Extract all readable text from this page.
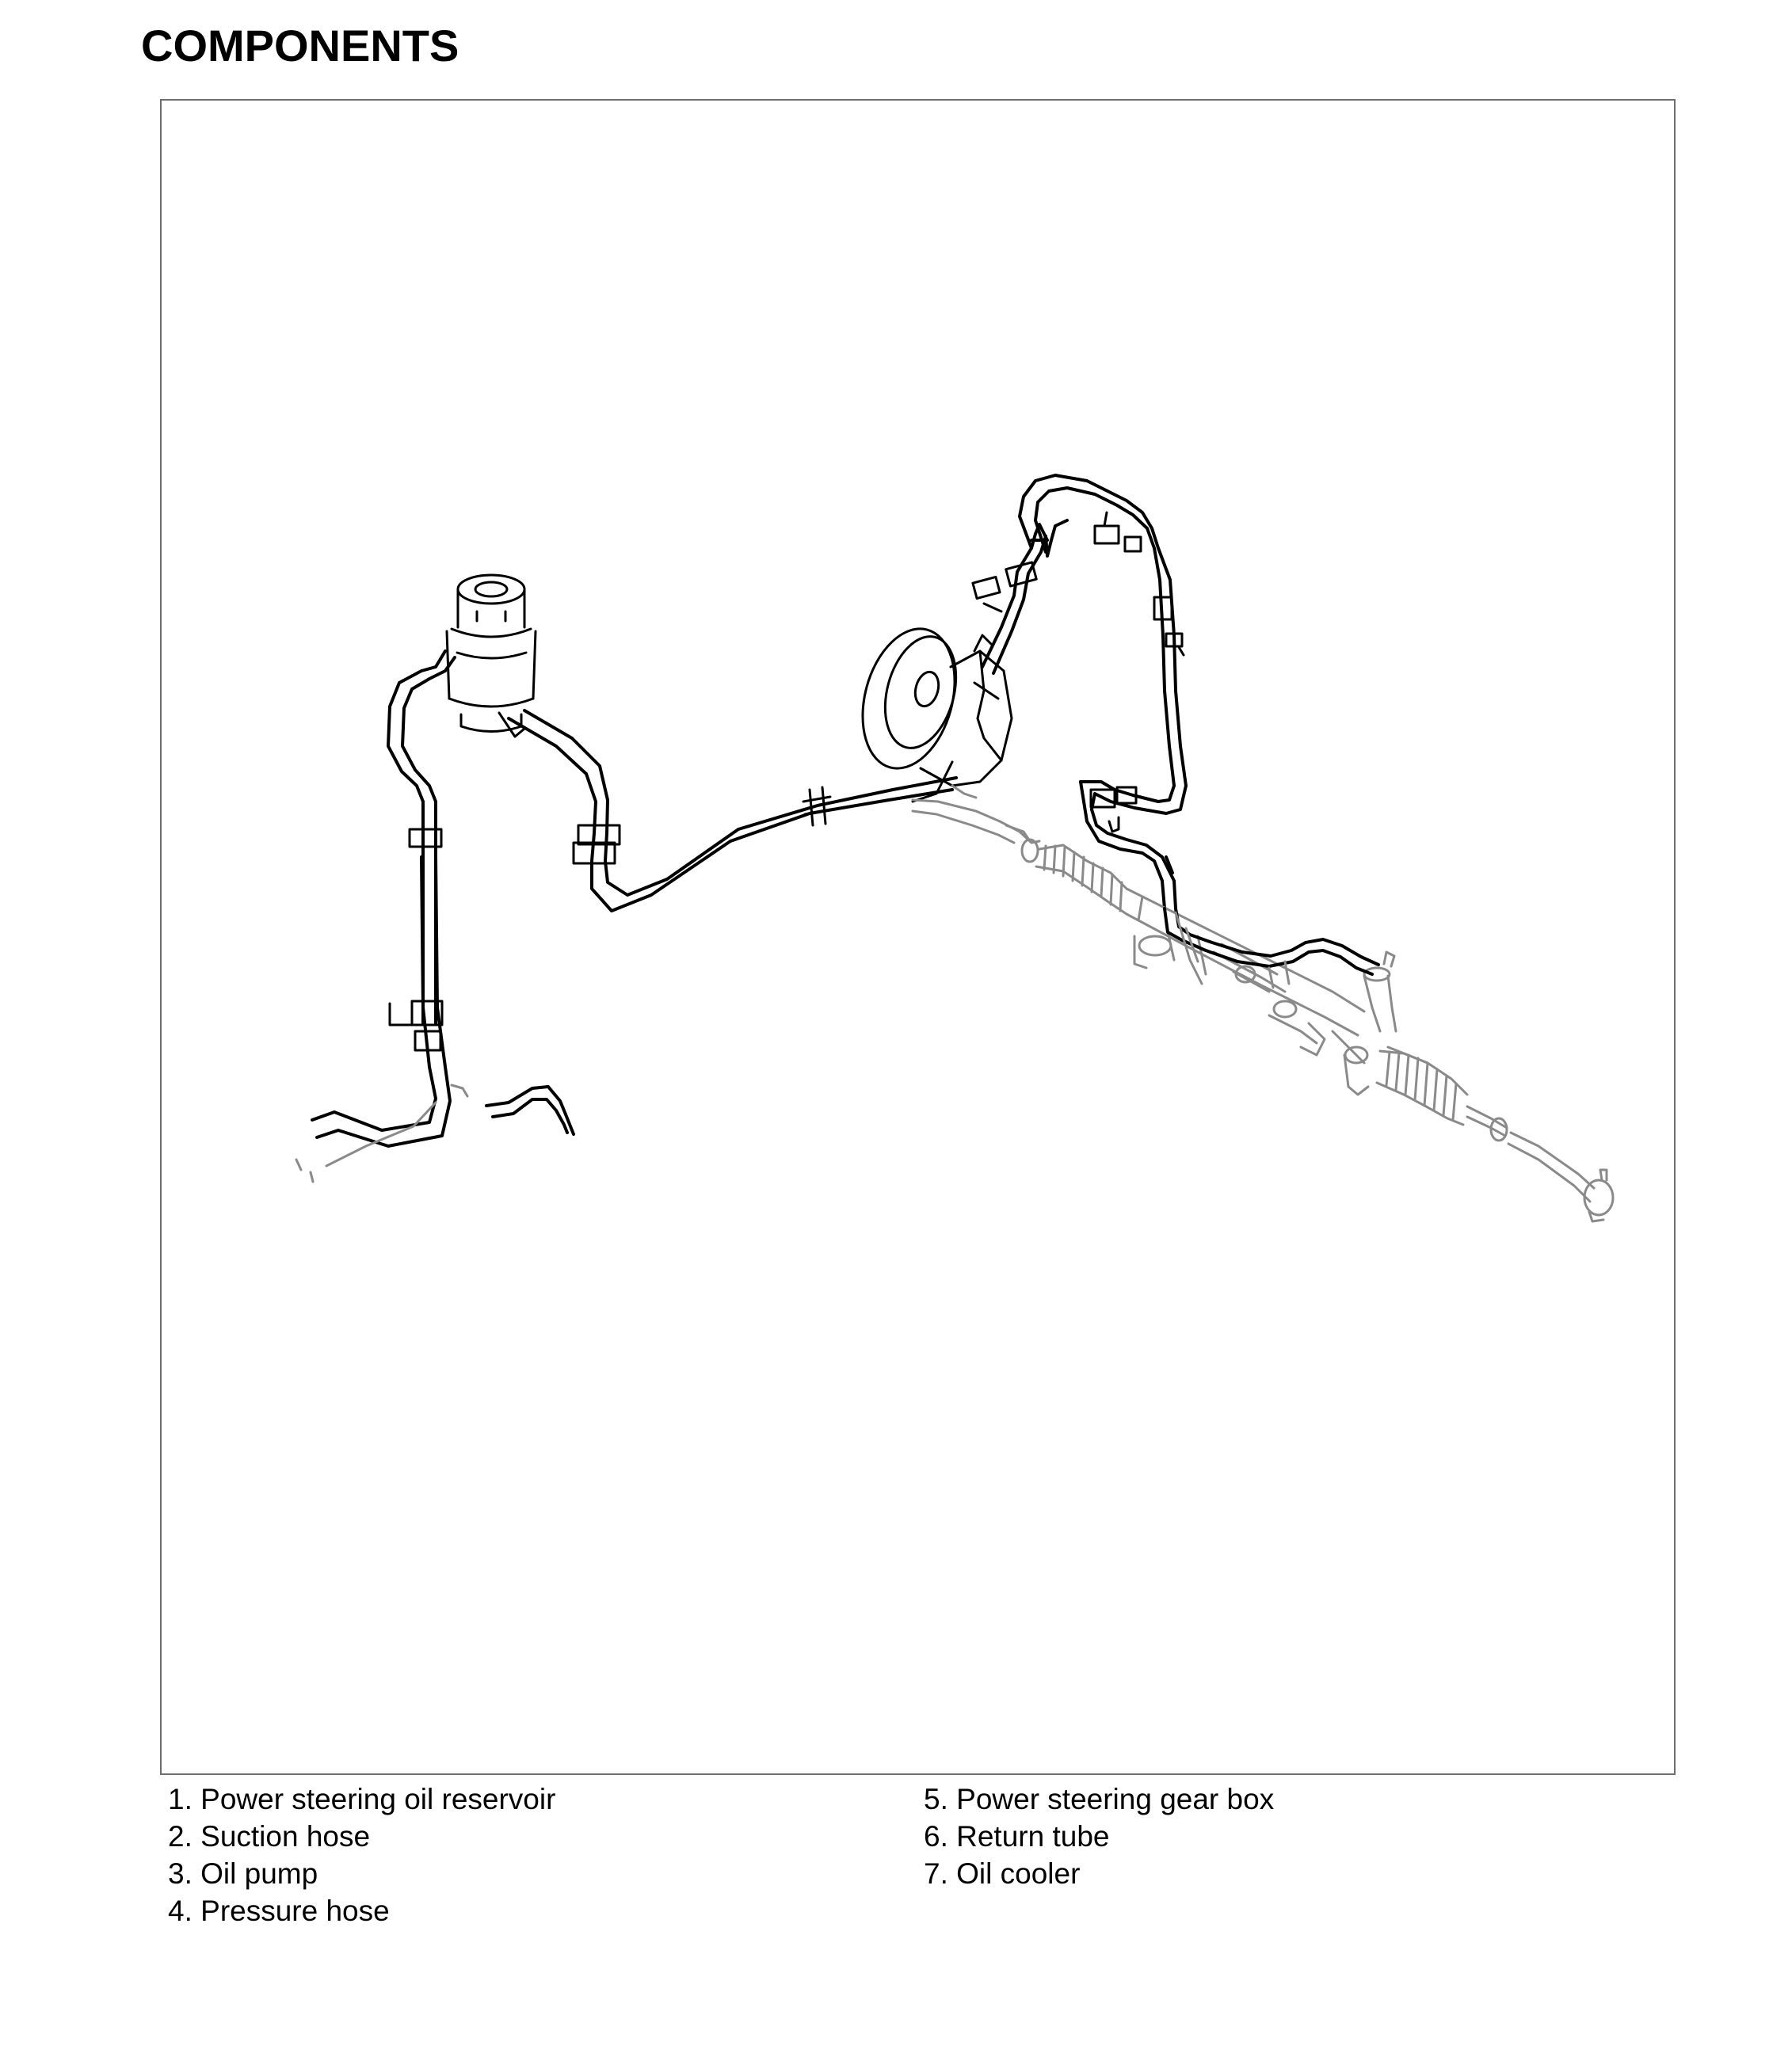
COMPONENTS
1. Power steering oil reservoir
2. Suction hose
3. Oil pump
4. Pressure hose
5. Power steering gear box
6. Return tube
7. Oil cooler
